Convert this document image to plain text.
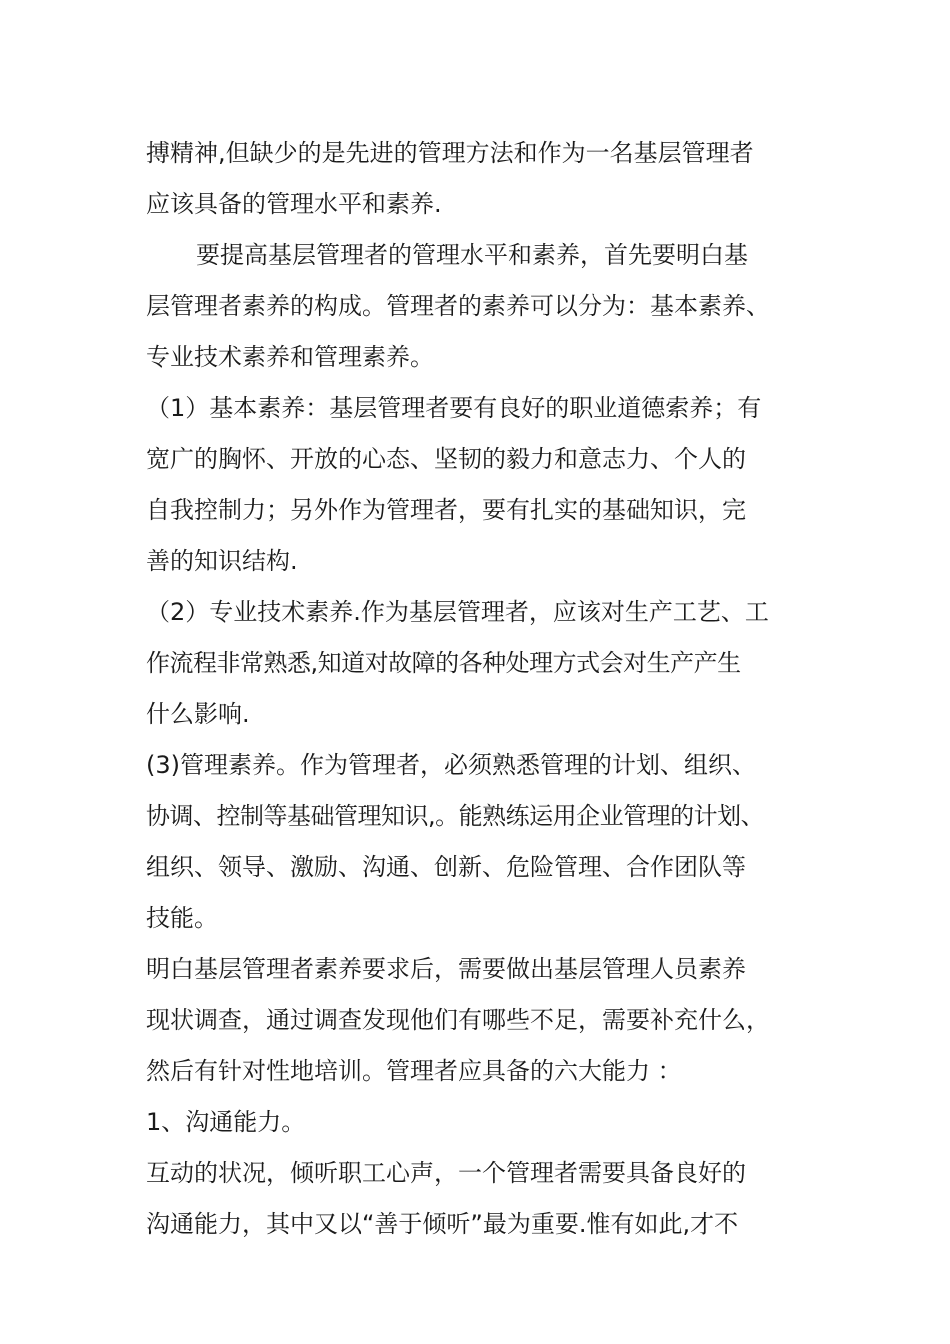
搏精神,但缺少的是先进的管理方法和作为一名基层管理者
应该具备的管理水平和素养.
要提高基层管理者的管理水平和素养，首先要明白基
层管理者素养的构成。管理者的素养可以分为：基本素养、
专业技术素养和管理素养。
（1）基本素养：基层管理者要有良好的职业道德索养；有
宽广的胸怀、开放的心态、坚韧的毅力和意志力、个人的
自我控制力；另外作为管理者，要有扎实的基础知识，完
善的知识结构.
（2）专业技术素养.作为基层管理者，应该对生产工艺、工
作流程非常熟悉,知道对故障的各种处理方式会对生产产生
什么影响.
(3)管理素养。作为管理者，必须熟悉管理的计划、组织、
协调、控制等基础管理知识,。能熟练运用企业管理的计划、
组织、领导、激励、沟通、创新、危险管理、合作团队等
技能。
明白基层管理者素养要求后，需要做出基层管理人员素养
现状调查，通过调查发现他们有哪些不足，需要补充什么，
然后有针对性地培训。管理者应具备的六大能力 ：
1、沟通能力。
互动的状况，倾听职工心声，一个管理者需要具备良好的
沟通能力，其中又以“善于倾听”最为重要.惟有如此,才不
